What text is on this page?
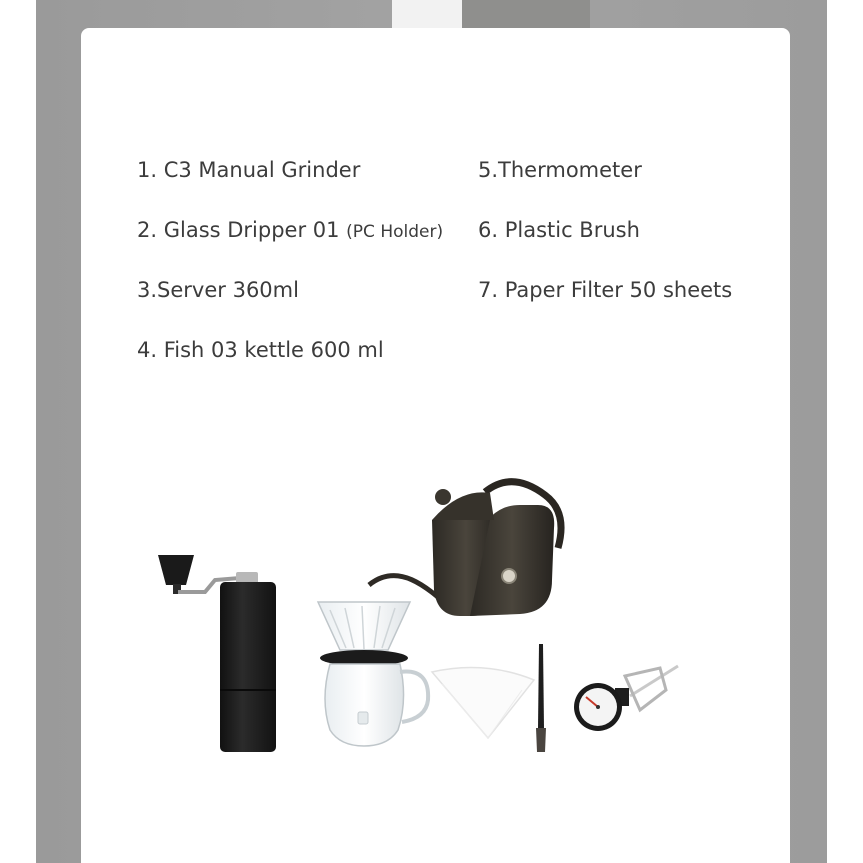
1. C3 Manual Grinder
2. Glass Dripper 01 (PC Holder)
3.Server 360ml
4. Fish 03 kettle 600 ml
5.Thermometer
6. Plastic Brush
7. Paper Filter 50 sheets
